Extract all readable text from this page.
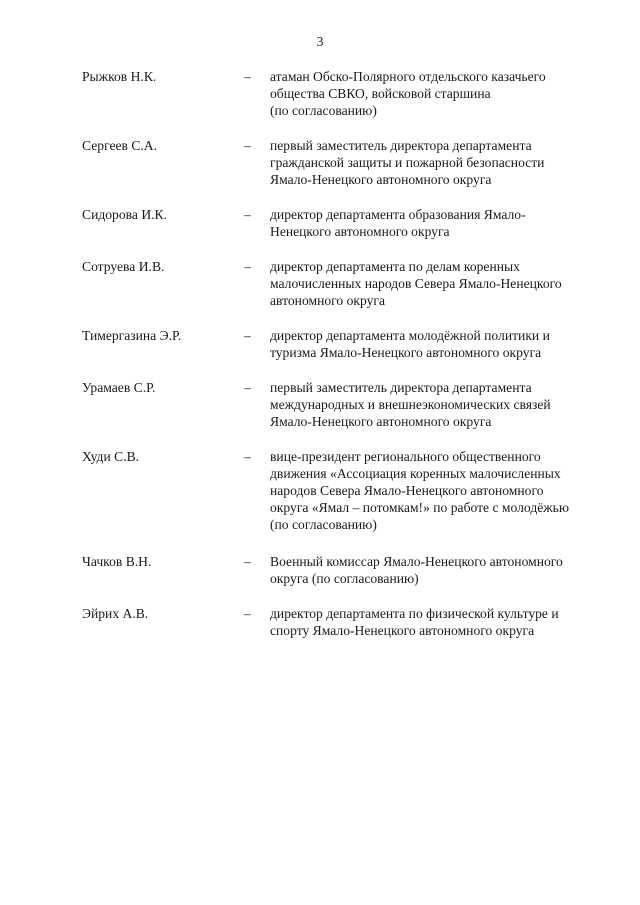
3
Рыжков Н.К.	– атаман Обско-Полярного отдельского казачьего
общества СВКО, войсковой старшина
(по согласованию)
Сергеев С.А.	– первый заместитель директора департамента
гражданской защиты и пожарной безопасности
Ямало-Ненецкого автономного округа
Сидорова И.К.	– директор департамента образования Ямало-
Ненецкого автономного округа
Сотруева И.В.	– директор департамента по делам коренных
малочисленных народов Севера Ямало-Ненецкого
автономного округа
Тимергазина Э.Р.	– директор департамента молодёжной политики и
туризма Ямало-Ненецкого автономного округа
Урамаев С.Р.	– первый заместитель директора департамента
международных и внешнеэкономических связей
Ямало-Ненецкого автономного округа
Худи С.В.	– вице-президент регионального общественного
движения «Ассоциация коренных малочисленных
народов Севера Ямало-Ненецкого автономного
округа «Ямал – потомкам!» по работе с молодёжью
(по согласованию)
Чачков В.Н.	– Военный комиссар Ямало-Ненецкого автономного
округа (по согласованию)
Эйрих А.В.	– директор департамента по физической культуре и
спорту Ямало-Ненецкого автономного округа
